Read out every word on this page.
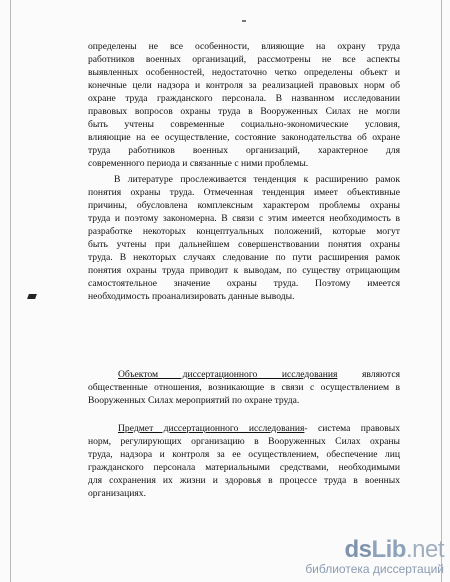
определены не все особенности, влияющие на охрану труда
работников военных организаций, рассмотрены не все аспекты
выявленных особенностей, недостаточно четко определены объект и
конечные цели надзора и контроля за реализацией правовых норм об
охране труда гражданского персонала. В названном исследовании
правовых вопросов охраны труда в Вооруженных Силах не могли
быть учтены современные социально-экономические условия,
влияющие на ее осуществление, состояние законодательства об охране
труда работников военных организаций, характерное для
современного периода и связанные с ними проблемы.
В литературе прослеживается тенденция к расширению рамок
понятия охраны труда. Отмеченная тенденция имеет объективные
причины, обусловлена комплексным характером проблемы охраны
труда и поэтому закономерна. В связи с этим имеется необходимость в
разработке некоторых концептуальных положений, которые могут
быть учтены при дальнейшем совершенствовании понятия охраны
труда. В некоторых случаях следование по пути расширения рамок
понятия охраны труда приводит к выводам, по существу отрицающим
самостоятельное значение охраны труда. Поэтому имеется
необходимость проанализировать данные выводы.
Объектом диссертационного исследования	являются
общественные отношения, возникающие в связи с осуществлением в
Вооруженных Силах мероприятий по охране труда.
Предмет диссертационного исследования- система правовых
норм, регулирующих организацию в Вооруженных Силах охраны
труда, надзора и контроля за ее осуществлением, обеспечение лиц
гражданского персонала материальными средствами, необходимыми
для сохранения их жизни и здоровья в процессе труда в военных
организациях.
dsLib.net
библиотека диссертаций
